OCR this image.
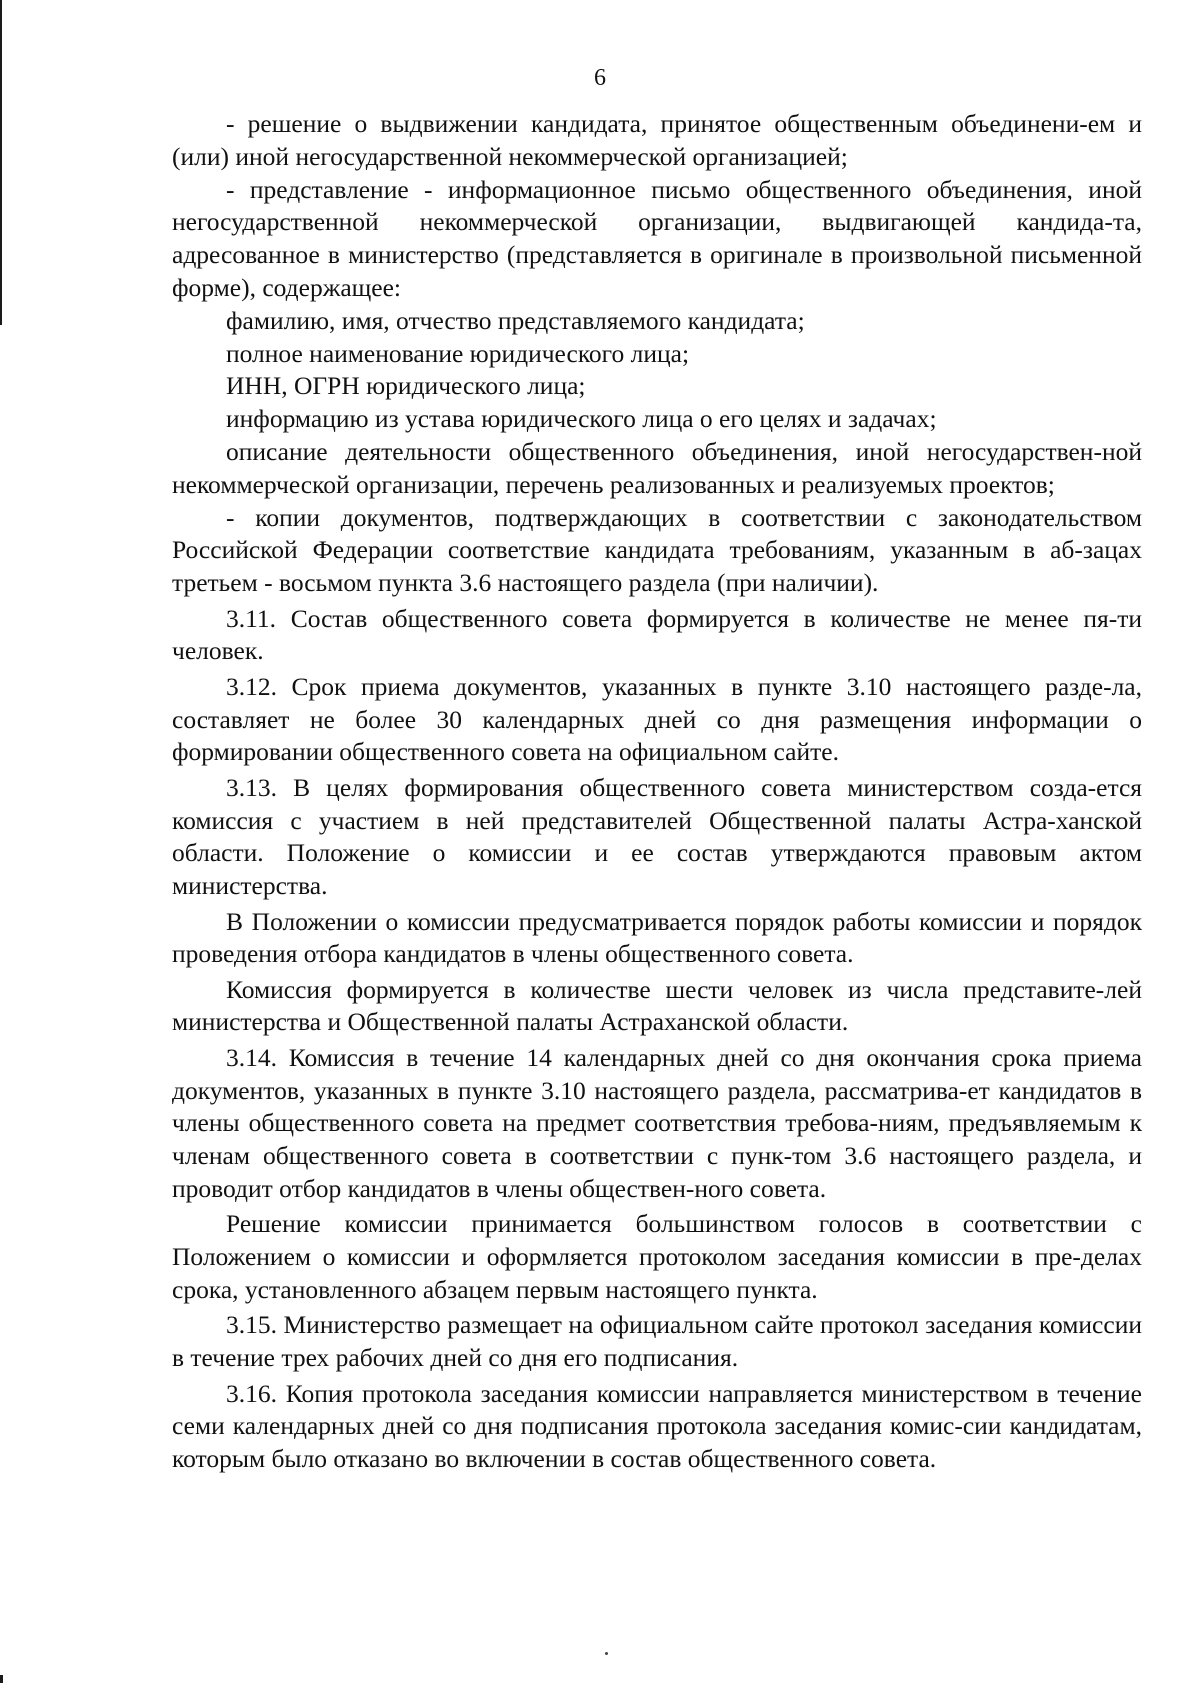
6

- решение о выдвижении кандидата, принятое общественным объединени-ем и (или) иной негосударственной некоммерческой организацией;

- представление - информационное письмо общественного объединения, иной негосударственной некоммерческой организации, выдвигающей кандида-та, адресованное в министерство (представляется в оригинале в произвольной письменной форме), содержащее:

фамилию, имя, отчество представляемого кандидата;

полное наименование юридического лица;

ИНН, ОГРН юридического лица;

информацию из устава юридического лица о его целях и задачах;

описание деятельности общественного объединения, иной негосударствен-ной некоммерческой организации, перечень реализованных и реализуемых проектов;

- копии документов, подтверждающих в соответствии с законодательством Российской Федерации соответствие кандидата требованиям, указанным в аб-зацах третьем - восьмом пункта 3.6 настоящего раздела (при наличии).

3.11. Состав общественного совета формируется в количестве не менее пя-ти человек.

3.12. Срок приема документов, указанных в пункте 3.10 настоящего разде-ла, составляет не более 30 календарных дней со дня размещения информации о формировании общественного совета на официальном сайте.

3.13. В целях формирования общественного совета министерством созда-ется комиссия с участием в ней представителей Общественной палаты Астра-ханской области. Положение о комиссии и ее состав утверждаются правовым актом министерства.

В Положении о комиссии предусматривается порядок работы комиссии и порядок проведения отбора кандидатов в члены общественного совета.

Комиссия формируется в количестве шести человек из числа представите-лей министерства и Общественной палаты Астраханской области.

3.14. Комиссия в течение 14 календарных дней со дня окончания срока приема документов, указанных в пункте 3.10 настоящего раздела, рассматрива-ет кандидатов в члены общественного совета на предмет соответствия требова-ниям, предъявляемым к членам общественного совета в соответствии с пунк-том 3.6 настоящего раздела, и проводит отбор кандидатов в члены обществен-ного совета.

Решение комиссии принимается большинством голосов в соответствии с Положением о комиссии и оформляется протоколом заседания комиссии в пре-делах срока, установленного абзацем первым настоящего пункта.

3.15. Министерство размещает на официальном сайте протокол заседания комиссии в течение трех рабочих дней со дня его подписания.

3.16. Копия протокола заседания комиссии направляется министерством в течение семи календарных дней со дня подписания протокола заседания комис-сии кандидатам, которым было отказано во включении в состав общественного совета.
